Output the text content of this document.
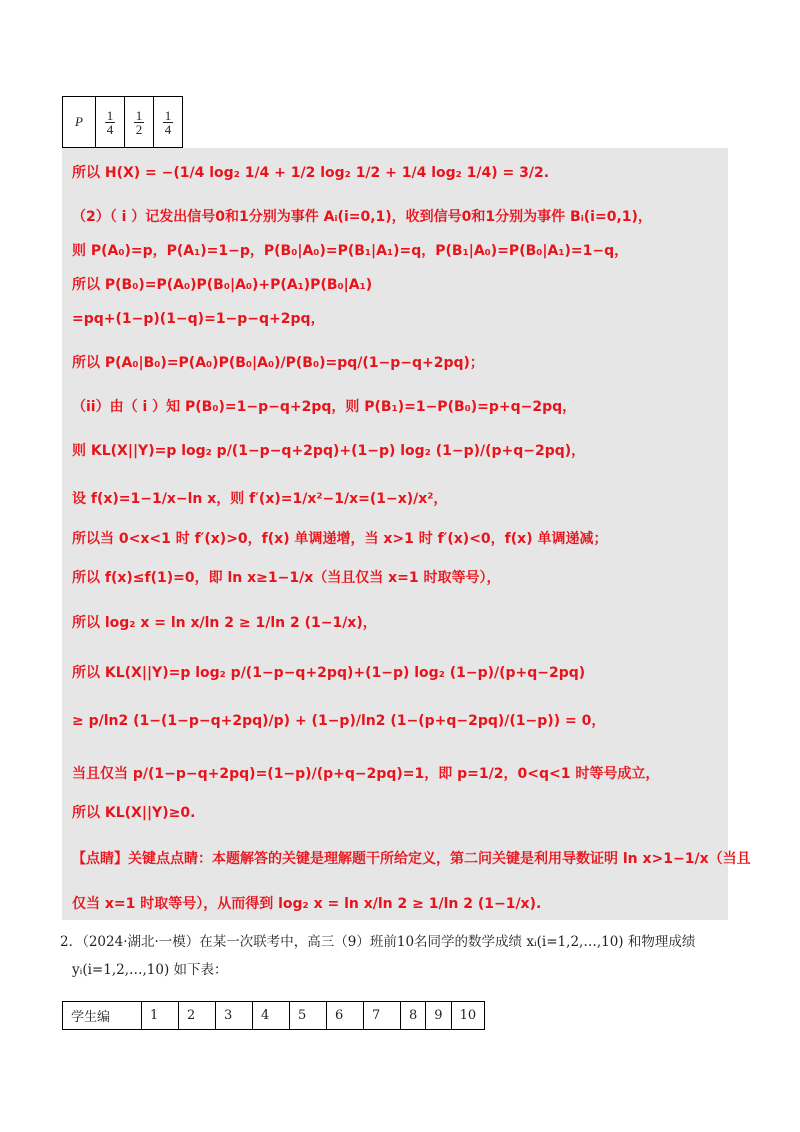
P	$\frac{1}{4}$	$\frac{1}{2}$	$\frac{1}{4}$
所以 H(X) = −(1/4 log₂ 1/4 + 1/2 log₂ 1/2 + 1/4 log₂ 1/4) = 3/2.
（2）（ i ）记发出信号0和1分别为事件 Aᵢ(i=0,1)，收到信号0和1分别为事件 Bᵢ(i=0,1)，
则 P(A₀)=p，P(A₁)=1−p，P(B₀|A₀)=P(B₁|A₁)=q，P(B₁|A₀)=P(B₀|A₁)=1−q，
所以 P(B₀)=P(A₀)P(B₀|A₀)+P(A₁)P(B₀|A₁)
=pq+(1−p)(1−q)=1−p−q+2pq，
所以 P(A₀|B₀)=P(A₀)P(B₀|A₀)/P(B₀)=pq/(1−p−q+2pq)；
（ii）由（ i ）知 P(B₀)=1−p−q+2pq，则 P(B₁)=1−P(B₀)=p+q−2pq，
则 KL(X||Y)=p log₂ p/(1−p−q+2pq)+(1−p) log₂ (1−p)/(p+q−2pq)，
设 f(x)=1−1/x−ln x，则 f′(x)=1/x²−1/x=(1−x)/x²，
所以当 0<x<1 时 f′(x)>0，f(x) 单调递增，当 x>1 时 f′(x)<0，f(x) 单调递减；
所以 f(x)≤f(1)=0，即 ln x≥1−1/x（当且仅当 x=1 时取等号），
所以 log₂ x = ln x/ln 2 ≥ 1/ln 2 (1−1/x)，
所以 KL(X||Y)=p log₂ p/(1−p−q+2pq)+(1−p) log₂ (1−p)/(p+q−2pq)
≥ p/ln2 (1−(1−p−q+2pq)/p) + (1−p)/ln2 (1−(p+q−2pq)/(1−p)) = 0，
当且仅当 p/(1−p−q+2pq)=(1−p)/(p+q−2pq)=1，即 p=1/2，0<q<1 时等号成立，
所以 KL(X||Y)≥0.
【点睛】关键点点睛：本题解答的关键是理解题干所给定义，第二问关键是利用导数证明 ln x>1−1/x（当且
仅当 x=1 时取等号），从而得到 log₂ x = ln x/ln 2 ≥ 1/ln 2 (1−1/x).
2．（2024·湖北·一模）在某一次联考中，高三（9）班前10名同学的数学成绩 xᵢ(i=1,2,…,10) 和物理成绩
yᵢ(i=1,2,…,10) 如下表：
学生编	1	2	3	4	5	6	7	8	9	10
